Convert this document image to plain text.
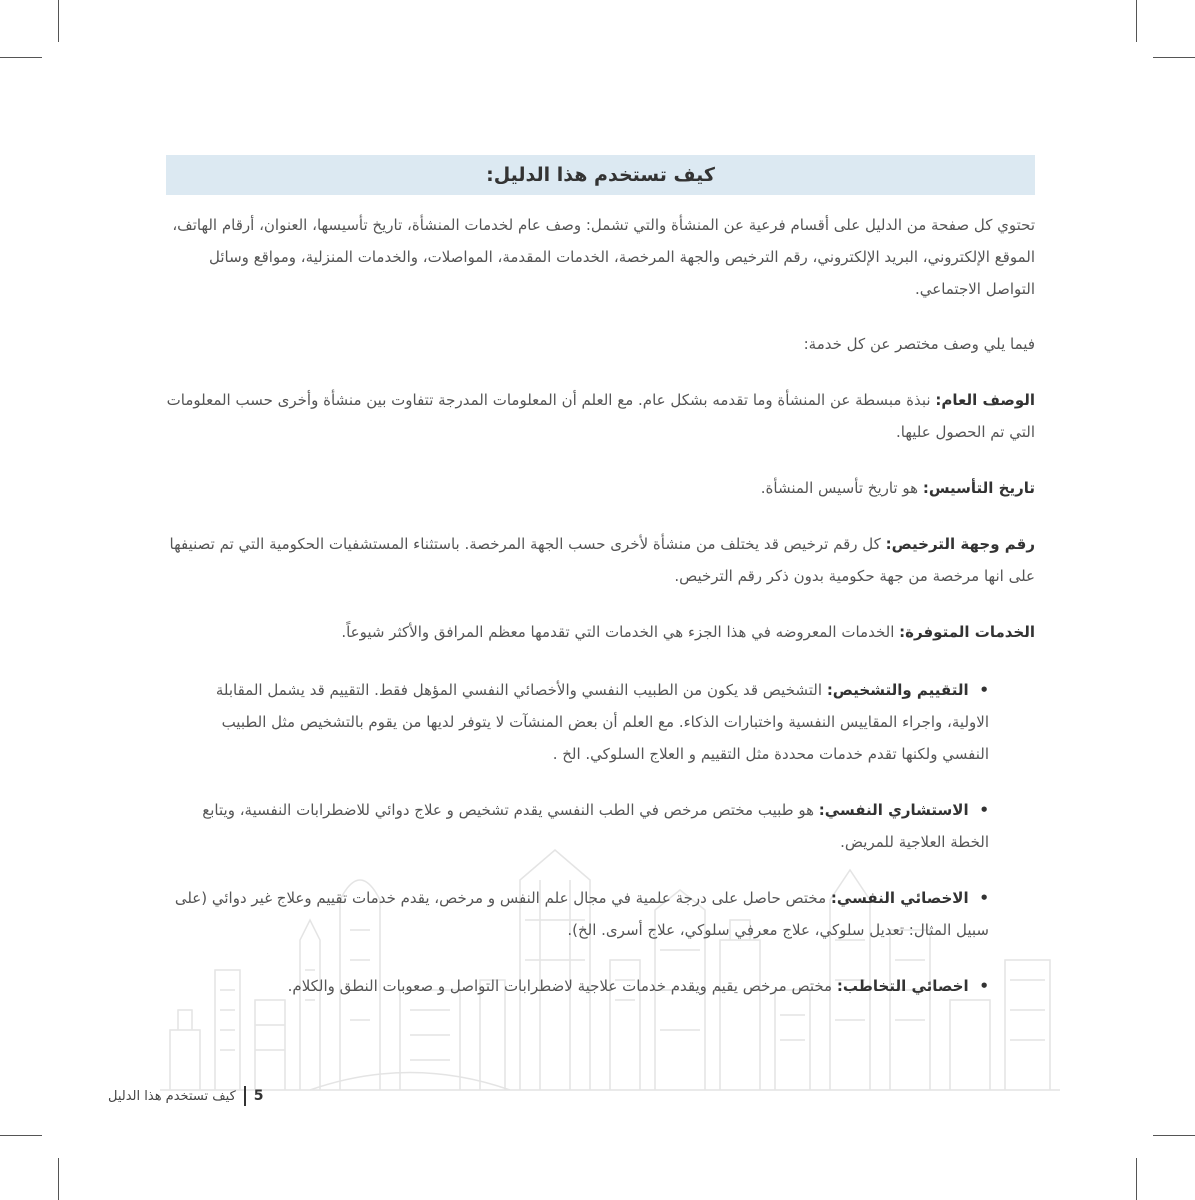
كيف تستخدم هذا الدليل:

تحتوي كل صفحة من الدليل على أقسام فرعية عن المنشأة والتي تشمل: وصف عام لخدمات المنشأة، تاريخ تأسيسها، العنوان، أرقام الهاتف، الموقع الإلكتروني، البريد الإلكتروني، رقم الترخيص والجهة المرخصة، الخدمات المقدمة، المواصلات، والخدمات المنزلية، ومواقع وسائل التواصل الاجتماعي.

فيما يلي وصف مختصر عن كل خدمة:

الوصف العام: نبذة مبسطة عن المنشأة وما تقدمه بشكل عام. مع العلم أن المعلومات المدرجة تتفاوت بين منشأة وأخرى حسب المعلومات التي تم الحصول عليها.

تاريخ التأسيس: هو تاريخ تأسيس المنشأة.

رقم وجهة الترخيص: كل رقم ترخيص قد يختلف من منشأة لأخرى حسب الجهة المرخصة. باستثناء المستشفيات الحكومية التي تم تصنيفها على انها مرخصة من جهة حكومية بدون ذكر رقم الترخيص.

الخدمات المتوفرة: الخدمات المعروضه في هذا الجزء هي الخدمات التي تقدمها معظم المرافق والأكثر شيوعاً.

• التقييم والتشخيص: التشخيص قد يكون من الطبيب النفسي والأخصائي النفسي المؤهل فقط. التقييم قد يشمل المقابلة الاولية، واجراء المقاييس النفسية واختبارات الذكاء. مع العلم أن بعض المنشآت لا يتوفر لديها من يقوم بالتشخيص مثل الطبيب النفسي ولكنها تقدم خدمات محددة مثل التقييم و العلاج السلوكي. الخ .

• الاستشاري النفسي: هو طبيب مختص مرخص في الطب النفسي يقدم تشخيص و علاج دوائي للاضطرابات النفسية، ويتابع الخطة العلاجية للمريض.

• الاخصائي النفسي: مختص حاصل على درجة علمية في مجال علم النفس و مرخص، يقدم خدمات تقييم وعلاج غير دوائي (على سبيل المثال: تعديل سلوكي، علاج معرفي سلوكي، علاج أسرى. الخ).

• اخصائي التخاطب: مختص مرخص يقيم ويقدم خدمات علاجية لاضطرابات التواصل و صعوبات النطق والكلام.

5
كيف تستخدم هذا الدليل
